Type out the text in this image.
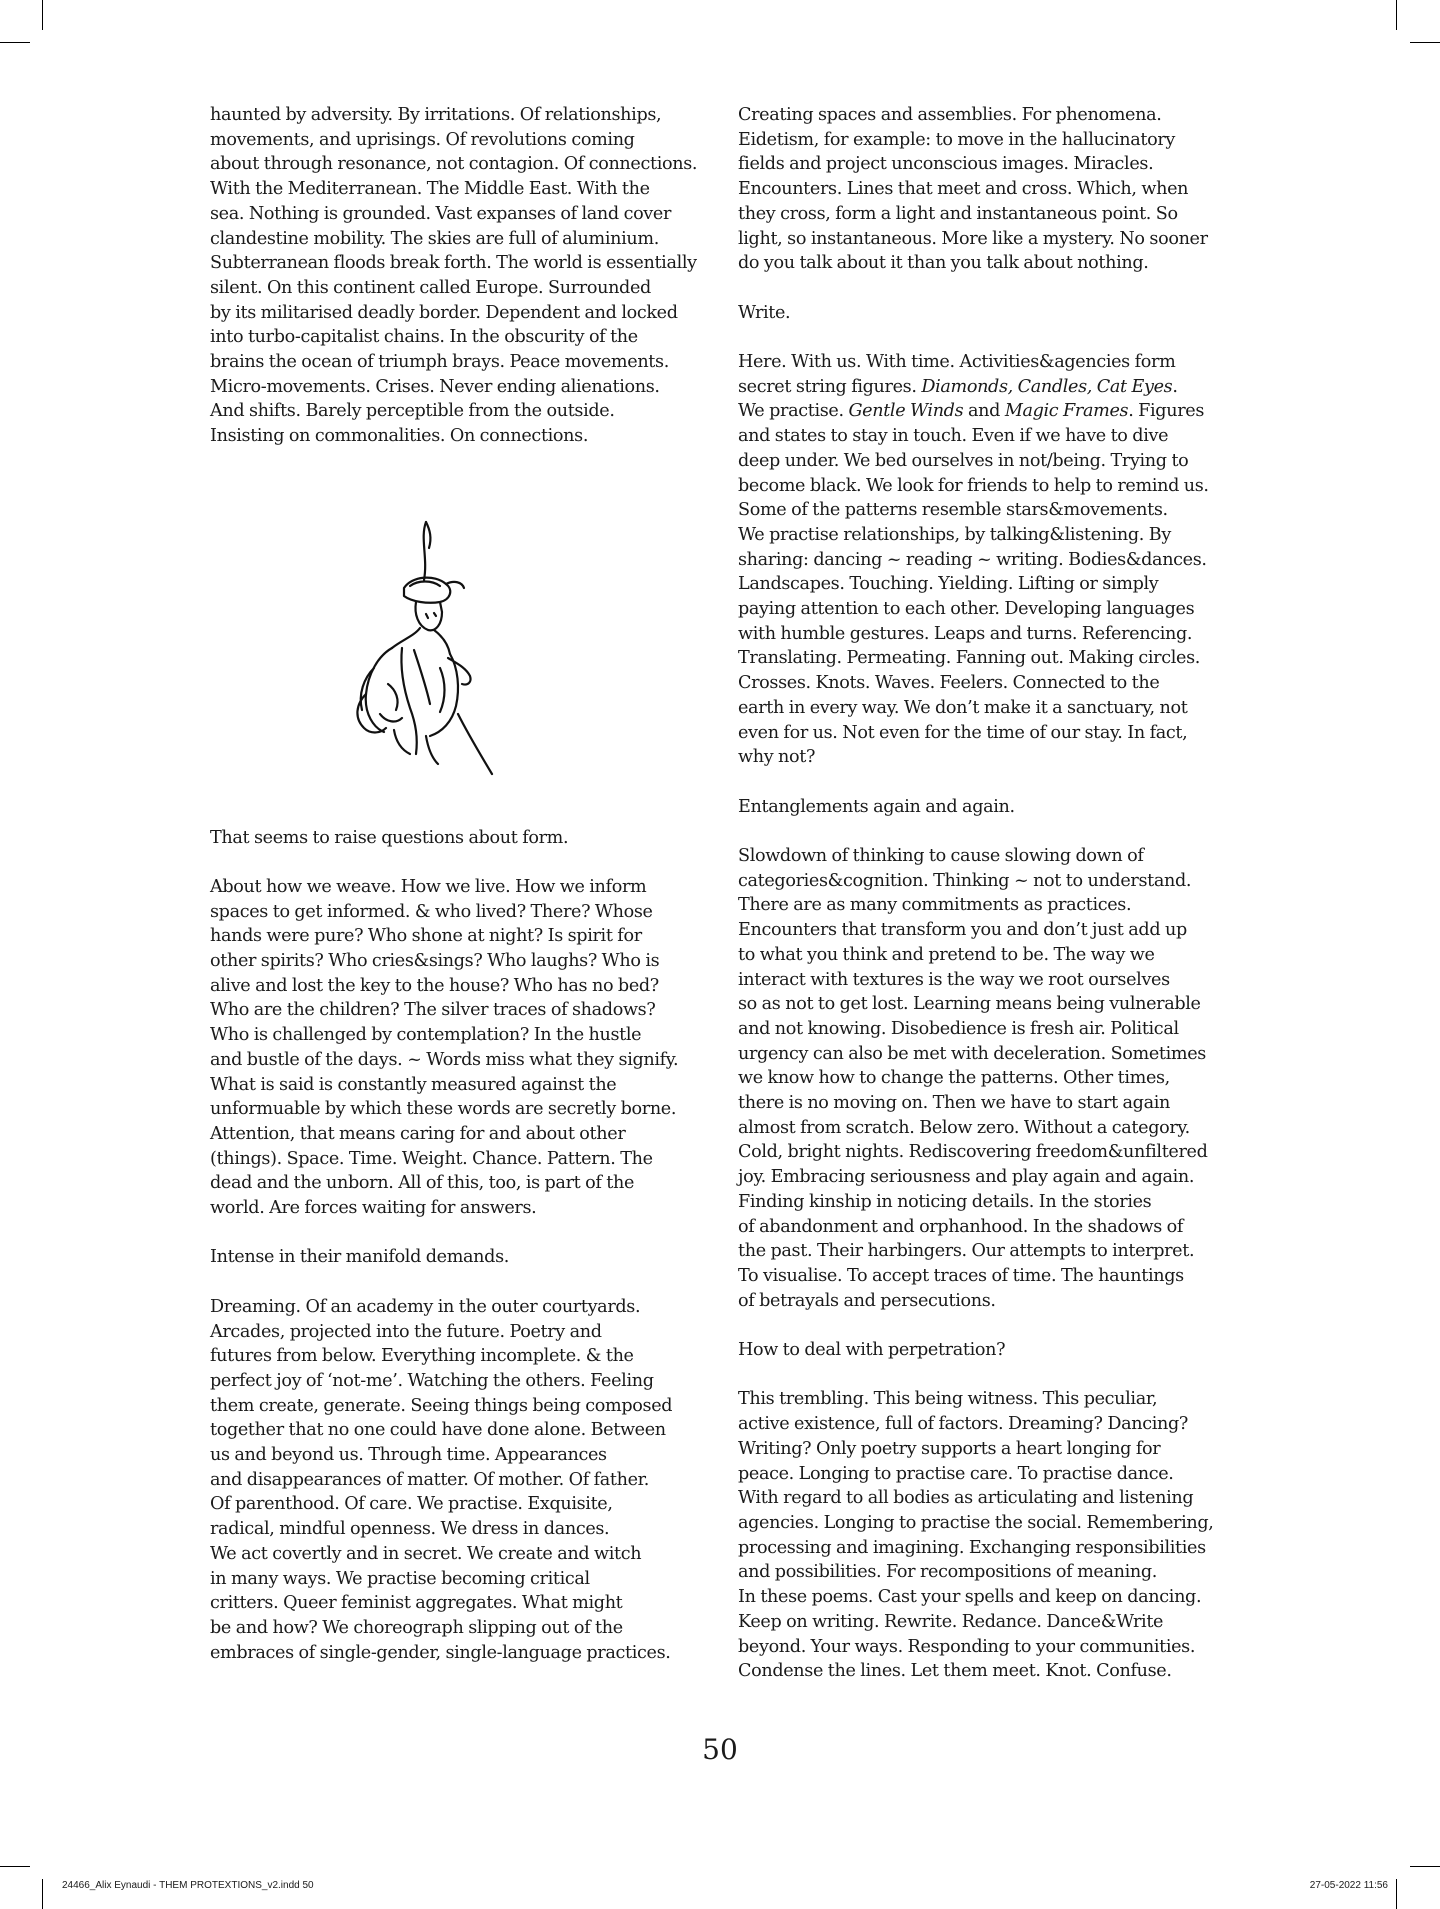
haunted by adversity. By irritations. Of relationships,
movements, and uprisings. Of revolutions coming
about through resonance, not contagion. Of connections.
With the Mediterranean. The Middle East. With the
sea. Nothing is grounded. Vast expanses of land cover
clandestine mobility. The skies are full of aluminium.
Subterranean floods break forth. The world is essentially
silent. On this continent called Europe. Surrounded
by its militarised deadly border. Dependent and locked
into turbo-capitalist chains. In the obscurity of the
brains the ocean of triumph brays. Peace movements.
Micro-movements. Crises. Never ending alienations.
And shifts. Barely perceptible from the outside.
Insisting on commonalities. On connections.

That seems to raise questions about form.

About how we weave. How we live. How we inform
spaces to get informed. & who lived? There? Whose
hands were pure? Who shone at night? Is spirit for
other spirits? Who cries&sings? Who laughs? Who is
alive and lost the key to the house? Who has no bed?
Who are the children? The silver traces of shadows?
Who is challenged by contemplation? In the hustle
and bustle of the days. ~ Words miss what they signify.
What is said is constantly measured against the
unformuable by which these words are secretly borne.
Attention, that means caring for and about other
(things). Space. Time. Weight. Chance. Pattern. The
dead and the unborn. All of this, too, is part of the
world. Are forces waiting for answers.

Intense in their manifold demands.

Dreaming. Of an academy in the outer courtyards.
Arcades, projected into the future. Poetry and
futures from below. Everything incomplete. & the
perfect joy of ‘not-me’. Watching the others. Feeling
them create, generate. Seeing things being composed
together that no one could have done alone. Between
us and beyond us. Through time. Appearances
and disappearances of matter. Of mother. Of father.
Of parenthood. Of care. We practise. Exquisite,
radical, mindful openness. We dress in dances.
We act covertly and in secret. We create and witch
in many ways. We practise becoming critical
critters. Queer feminist aggregates. What might
be and how? We choreograph slipping out of the
embraces of single-gender, single-language practices.

Creating spaces and assemblies. For phenomena.
Eidetism, for example: to move in the hallucinatory
fields and project unconscious images. Miracles.
Encounters. Lines that meet and cross. Which, when
they cross, form a light and instantaneous point. So
light, so instantaneous. More like a mystery. No sooner
do you talk about it than you talk about nothing.

Write.

Here. With us. With time. Activities&agencies form
secret string figures. Diamonds, Candles, Cat Eyes.
We practise. Gentle Winds and Magic Frames. Figures
and states to stay in touch. Even if we have to dive
deep under. We bed ourselves in not/being. Trying to
become black. We look for friends to help to remind us.
Some of the patterns resemble stars&movements.
We practise relationships, by talking&listening. By
sharing: dancing ~ reading ~ writing. Bodies&dances.
Landscapes. Touching. Yielding. Lifting or simply
paying attention to each other. Developing languages
with humble gestures. Leaps and turns. Referencing.
Translating. Permeating. Fanning out. Making circles.
Crosses. Knots. Waves. Feelers. Connected to the
earth in every way. We don’t make it a sanctuary, not
even for us. Not even for the time of our stay. In fact,
why not?

Entanglements again and again.

Slowdown of thinking to cause slowing down of
categories&cognition. Thinking ~ not to understand.
There are as many commitments as practices.
Encounters that transform you and don’t just add up
to what you think and pretend to be. The way we
interact with textures is the way we root ourselves
so as not to get lost. Learning means being vulnerable
and not knowing. Disobedience is fresh air. Political
urgency can also be met with deceleration. Sometimes
we know how to change the patterns. Other times,
there is no moving on. Then we have to start again
almost from scratch. Below zero. Without a category.
Cold, bright nights. Rediscovering freedom&unfiltered
joy. Embracing seriousness and play again and again.
Finding kinship in noticing details. In the stories
of abandonment and orphanhood. In the shadows of
the past. Their harbingers. Our attempts to interpret.
To visualise. To accept traces of time. The hauntings
of betrayals and persecutions.

How to deal with perpetration?

This trembling. This being witness. This peculiar,
active existence, full of factors. Dreaming? Dancing?
Writing? Only poetry supports a heart longing for
peace. Longing to practise care. To practise dance.
With regard to all bodies as articulating and listening
agencies. Longing to practise the social. Remembering,
processing and imagining. Exchanging responsibilities
and possibilities. For recompositions of meaning.
In these poems. Cast your spells and keep on dancing.
Keep on writing. Rewrite. Redance. Dance&Write
beyond. Your ways. Responding to your communities.
Condense the lines. Let them meet. Knot. Confuse.

50
24466_Alix Eynaudi - THEM PROTEXTIONS_v2.indd 50	27-05-2022 11:56
